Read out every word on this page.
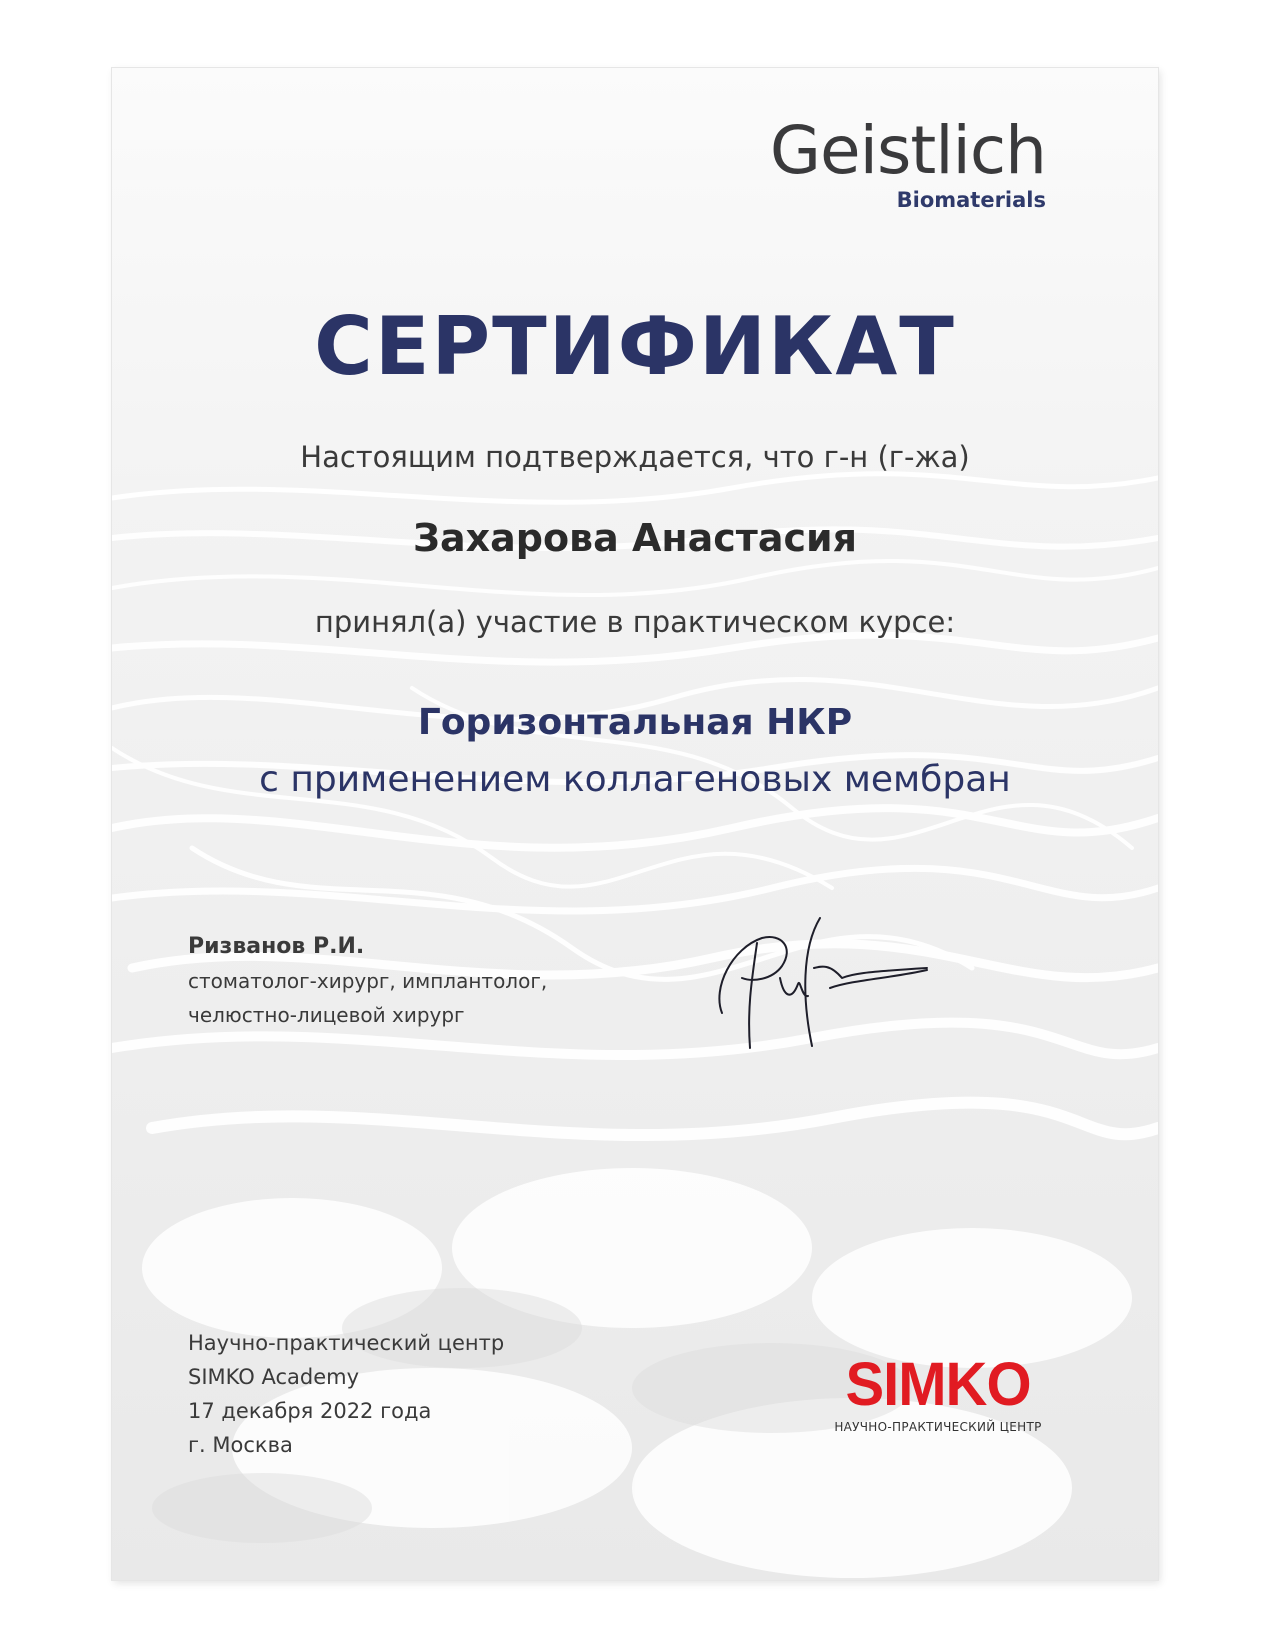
Geistlich
Biomaterials
СЕРТИФИКАТ
Настоящим подтверждается, что г-н (г-жа)
Захарова Анастасия
принял(а) участие в практическом курсе:
Горизонтальная НКР
с применением коллагеновых мембран
Ризванов Р.И.
стоматолог-хирург, имплантолог,
челюстно-лицевой хирург
Научно-практический центр
SIMKO Academy
17 декабря 2022 года
г. Москва
SIMKO
НАУЧНО-ПРАКТИЧЕСКИЙ ЦЕНТР
